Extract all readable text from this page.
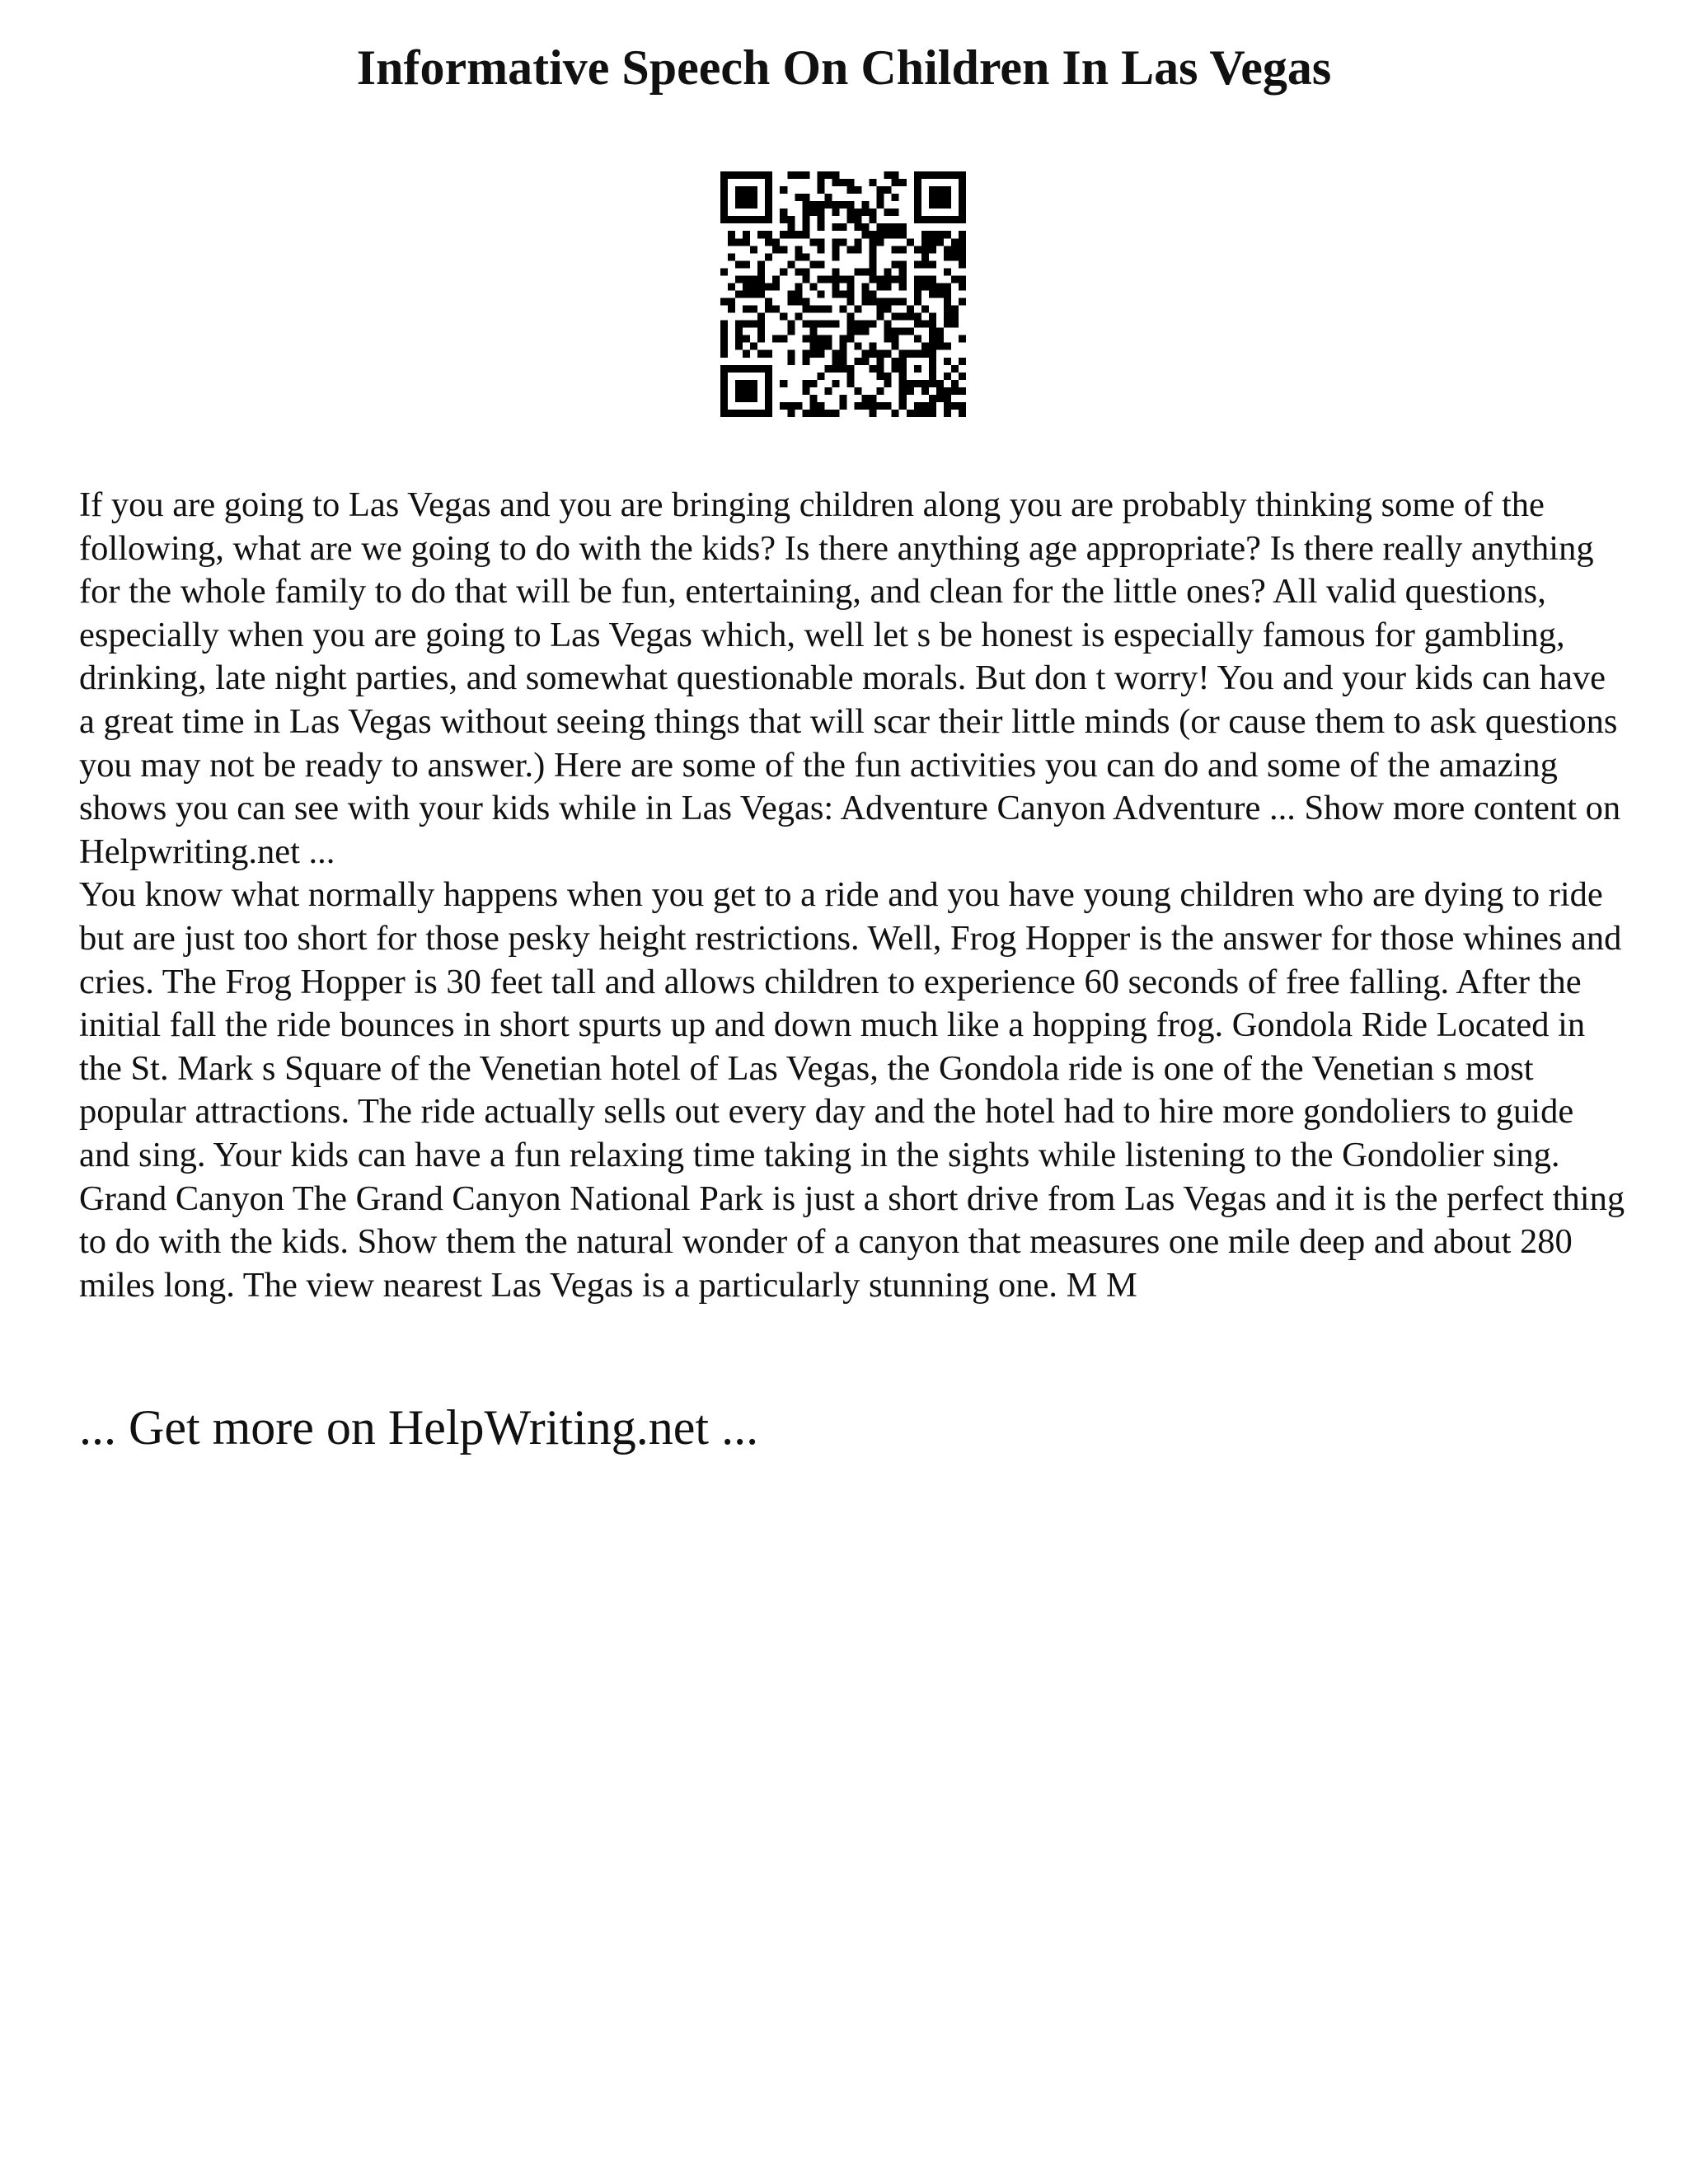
Informative Speech On Children In Las Vegas

If you are going to Las Vegas and you are bringing children along you are probably thinking some of the following, what are we going to do with the kids? Is there anything age appropriate? Is there really anything for the whole family to do that will be fun, entertaining, and clean for the little ones? All valid questions, especially when you are going to Las Vegas which, well let s be honest is especially famous for gambling, drinking, late night parties, and somewhat questionable morals. But don t worry! You and your kids can have a great time in Las Vegas without seeing things that will scar their little minds (or cause them to ask questions you may not be ready to answer.) Here are some of the fun activities you can do and some of the amazing shows you can see with your kids while in Las Vegas: Adventure Canyon Adventure ... Show more content on Helpwriting.net ...

You know what normally happens when you get to a ride and you have young children who are dying to ride but are just too short for those pesky height restrictions. Well, Frog Hopper is the answer for those whines and cries. The Frog Hopper is 30 feet tall and allows children to experience 60 seconds of free falling. After the initial fall the ride bounces in short spurts up and down much like a hopping frog. Gondola Ride Located in the St. Mark s Square of the Venetian hotel of Las Vegas, the Gondola ride is one of the Venetian s most popular attractions. The ride actually sells out every day and the hotel had to hire more gondoliers to guide and sing. Your kids can have a fun relaxing time taking in the sights while listening to the Gondolier sing. Grand Canyon The Grand Canyon National Park is just a short drive from Las Vegas and it is the perfect thing to do with the kids. Show them the natural wonder of a canyon that measures one mile deep and about 280 miles long. The view nearest Las Vegas is a particularly stunning one. M M

... Get more on HelpWriting.net ...
